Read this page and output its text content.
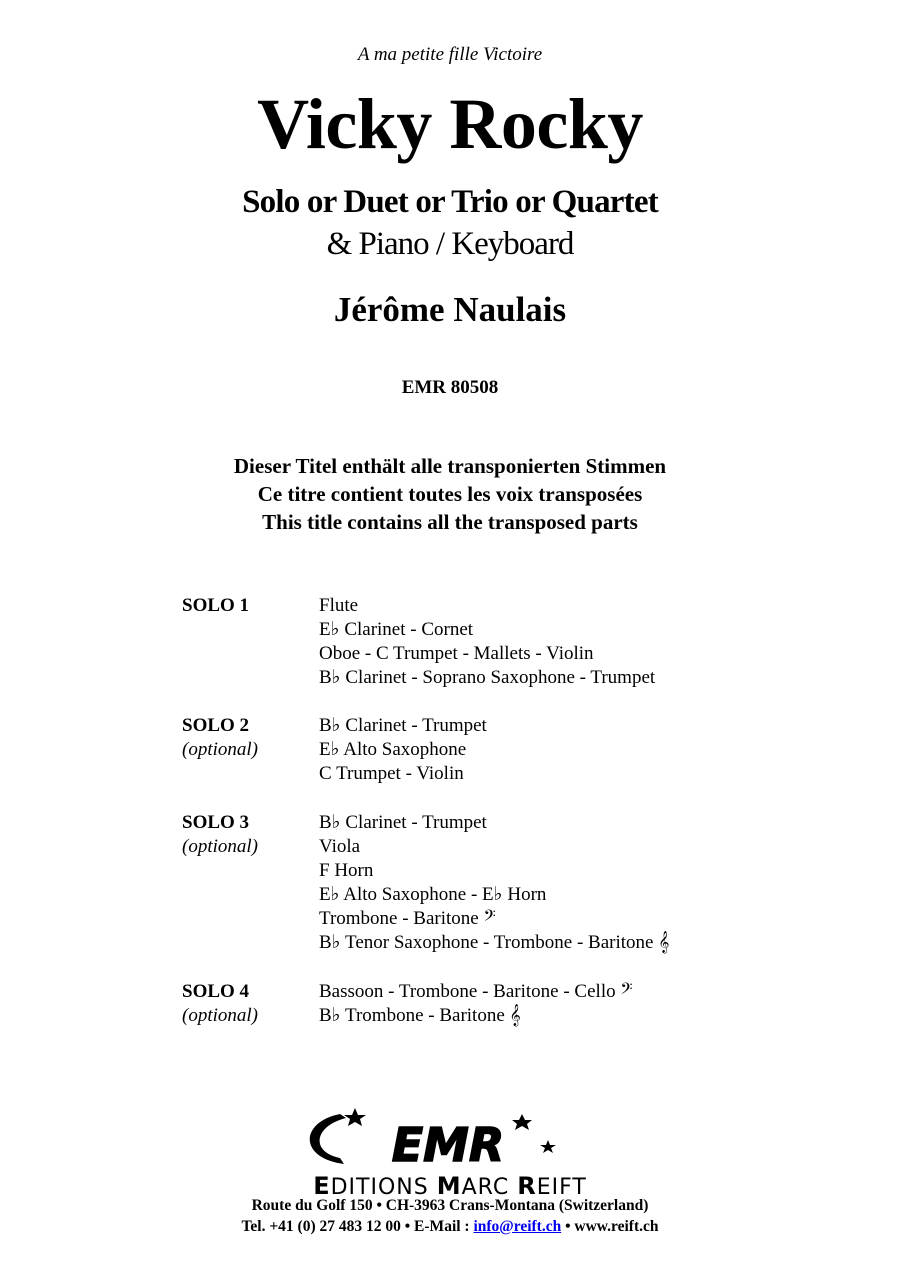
A ma petite fille Victoire
Vicky Rocky
Solo or Duet or Trio or Quartet
& Piano / Keyboard
Jérôme Naulais
EMR 80508
Dieser Titel enthält alle transponierten Stimmen
Ce titre contient toutes les voix transposées
This title contains all the transposed parts
SOLO 1	Flute
E♭ Clarinet - Cornet
Oboe - C Trumpet - Mallets - Violin
B♭ Clarinet - Soprano Saxophone - Trumpet
SOLO 2
(optional)
B♭ Clarinet - Trumpet
E♭ Alto Saxophone
C Trumpet - Violin
SOLO 3
(optional)
B♭ Clarinet - Trumpet
Viola
F Horn
E♭ Alto Saxophone - E♭ Horn
Trombone - Baritone 𝄢
B♭ Tenor Saxophone - Trombone - Baritone 𝄞
SOLO 4
(optional)
Bassoon - Trombone - Baritone - Cello 𝄢
B♭ Trombone - Baritone 𝄞
EMR
EDITIONS MARC REIFT
Route du Golf 150 • CH-3963 Crans-Montana (Switzerland)
Tel. +41 (0) 27 483 12 00 • E-Mail : info@reift.ch • www.reift.ch
